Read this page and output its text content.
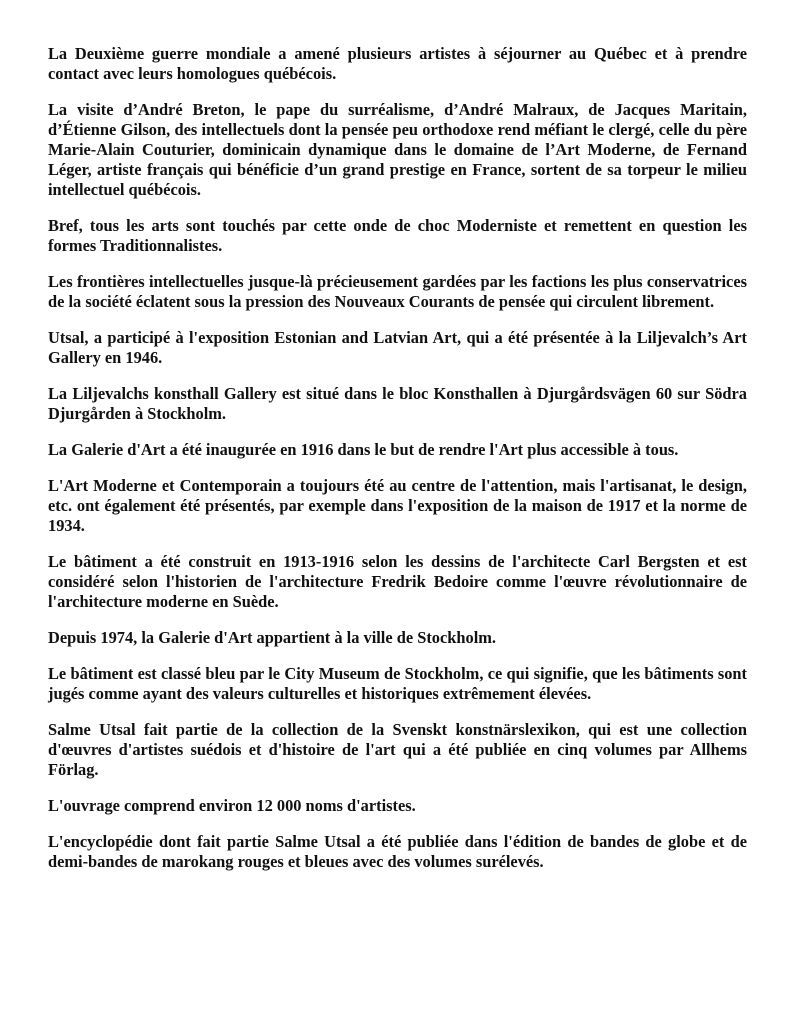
La Deuxième guerre mondiale a amené plusieurs artistes à séjourner au Québec et à prendre contact avec leurs homologues québécois.

La visite d’André Breton, le pape du surréalisme, d’André Malraux, de Jacques Maritain, d’Étienne Gilson, des intellectuels dont la pensée peu orthodoxe rend méfiant le clergé, celle du père Marie-Alain Couturier, dominicain dynamique dans le domaine de l’Art Moderne, de Fernand Léger, artiste français qui bénéficie d’un grand prestige en France, sortent de sa torpeur le milieu intellectuel québécois.

Bref, tous les arts sont touchés par cette onde de choc Moderniste et remettent en question les formes Traditionnalistes.

Les frontières intellectuelles jusque-là précieusement gardées par les factions les plus conservatrices de la société éclatent sous la pression des Nouveaux Courants de pensée qui circulent librement.

Utsal, a participé à l'exposition Estonian and Latvian Art, qui a été présentée à la Liljevalch’s Art Gallery en 1946.

La Liljevalchs konsthall Gallery est situé dans le bloc Konsthallen à Djurgårdsvägen 60 sur Södra Djurgården à Stockholm.

La Galerie d'Art a été inaugurée en 1916 dans le but de rendre l'Art plus accessible à tous.

L'Art Moderne et Contemporain a toujours été au centre de l'attention, mais l'artisanat, le design, etc. ont également été présentés, par exemple dans l'exposition de la maison de 1917 et la norme de 1934.

Le bâtiment a été construit en 1913-1916 selon les dessins de l'architecte Carl Bergsten et est considéré selon l'historien de l'architecture Fredrik Bedoire comme l'œuvre révolutionnaire de l'architecture moderne en Suède.

Depuis 1974, la Galerie d'Art appartient à la ville de Stockholm.

Le bâtiment est classé bleu par le City Museum de Stockholm, ce qui signifie, que les bâtiments sont jugés comme ayant des valeurs culturelles et historiques extrêmement élevées.

Salme Utsal fait partie de la collection de la Svenskt konstnärslexikon, qui est une collection d'œuvres d'artistes suédois et d'histoire de l'art qui a été publiée en cinq volumes par Allhems Förlag.

L'ouvrage comprend environ 12 000 noms d'artistes.

L'encyclopédie dont fait partie Salme Utsal a été publiée dans l'édition de bandes de globe et de demi-bandes de marokang rouges et bleues avec des volumes surélevés.
